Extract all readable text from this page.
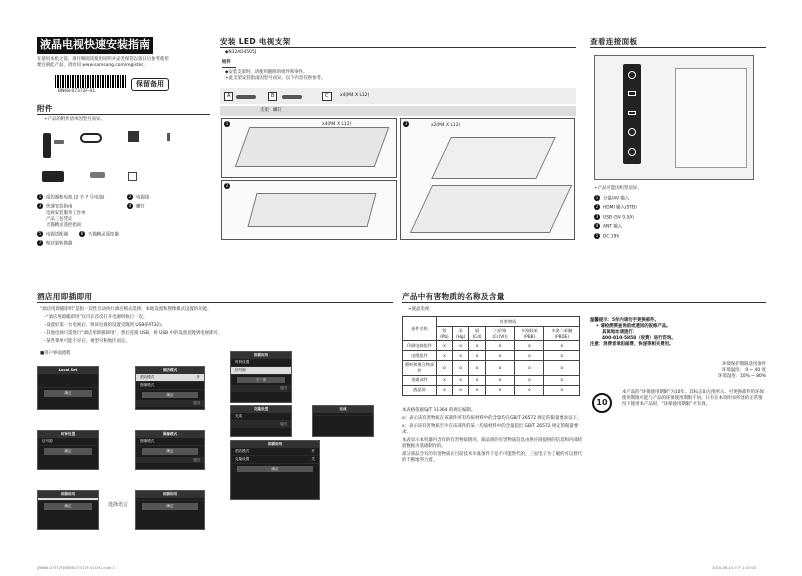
液晶电视快速安装指南
在使用本机之前，请仔细阅读使用说明并妥善保管以备日后参考使用
要注册此产品，请访问 www.samsung.com/register。
BN68-07372F-01
保留备用
附件
➣产品的附件清单因型号而异。
1 遥控器和电池 (2 节 7 号电池)	2 电源线
3 快速安装指南	4 螺钉
电视安装服务工作单
产品三包凭证
天猫精灵遥控指南
5 电源适配器	6 天猫精灵遥控器
7 壁挂架转换器
安装 LED 电视支架
◆N32AD4505J
组件
◆安装支架时，请使用随附的组件和零件。
➣此支架安装指南因型号而异。以下内容仅供参考。
A	B	C	x4(M4 X L12)
支架 螺钉
1	x4(M4 X L12)
2
3	x2(M4 X L12)
查看连接面板
➣产品可能因机型而异。
1 分量/AV 输入
2 HDMI 输入(STB)
3 USB (5V 0.5A)
4 ANT 输入
5 DC 19V
酒店用即插即用
“酒店用即插即用”是指一次性自动执行酒店模式选择、本地设置和图像模式设置的功能。
–“酒店用即插即用”仅可在首次打开电源时执行一次。
–设置好第一台电视后，将该电视的设置克隆到 USB(FAT32)。
–其他电视只需进行“酒店用即插即用”，然后连接 USB，将 USB 中的设置克隆到电视即可。
–某些菜单可能不存在，视型号和地区而定。
■用户界面流程
Local Set
确定
酒店模式
酒店模式	开
图像模式
确定
返回
即插即用
时钟设置
信号源
下一步
返回
时钟设置
信号源
确定
图像模式
图像模式
确定
返回
克隆设置
完成
返回
完成
即插即用
酒店模式	开
克隆设置	关
确定
即插即用
确定	选择语言
即插即用
确定
产品中有害物质的名称及含量
➣液晶电视
部件名称	有害物质					
	铅 (Pb)	汞 (Hg)	镉 (Cd)	六价铬 (Cr(VI))	多溴联苯 (PBB)	多溴二苯醚 (PBDE)
印刷电路组件	x	o	o	o	o	o
电缆组件	x	o	o	o	o	o
塑料和聚合物部件	o	o	o	o	o	o
金属部件	x	o	o	o	o	o
液晶屏	x	o	o	o	o	o
本表格依据SJ/T 11364 的规定编制。
o：表示该有害物质在该部件所有均质材料中的含量均在GB/T 26572 规定的限量要求以下。
x：表示该有害物质至少在该部件的某一均质材料中的含量超出 GB/T 26572 规定的限量要求。
本表显示本机器内含有的有害物质情况，部品别的有害物质信息由供应商提供的信息和内部检验数据为基础制作的。
部分部品含有的有害物质在目前技术水准条件下是不可能替代的，三星电子为了履约可以替代的不断地努力着。
温馨提示：5年内请勿手更换部件。
• 请检测要查询前或遗回的报修产品。
具体地址请拨打：
400-810-5858（收费）进行咨询。
注意：消费者承担邮费、快递等相关费用。
环境保护期限适用条件
环境温度： 0 ~ 40 度
环境湿度：10% ~ 80%
10
本产品的“环保使用期限”为10年。其标志如左图所示。可更换部件的环保使用期限可能与产品的环保使用期限不同。只有在本说明书所述的正常情况下使用本产品时，“环保使用期限”才有效。
[BN68-07372F]BN68-07372F-01CH1.indd 1	2016-06-14 오전 1:47:00
